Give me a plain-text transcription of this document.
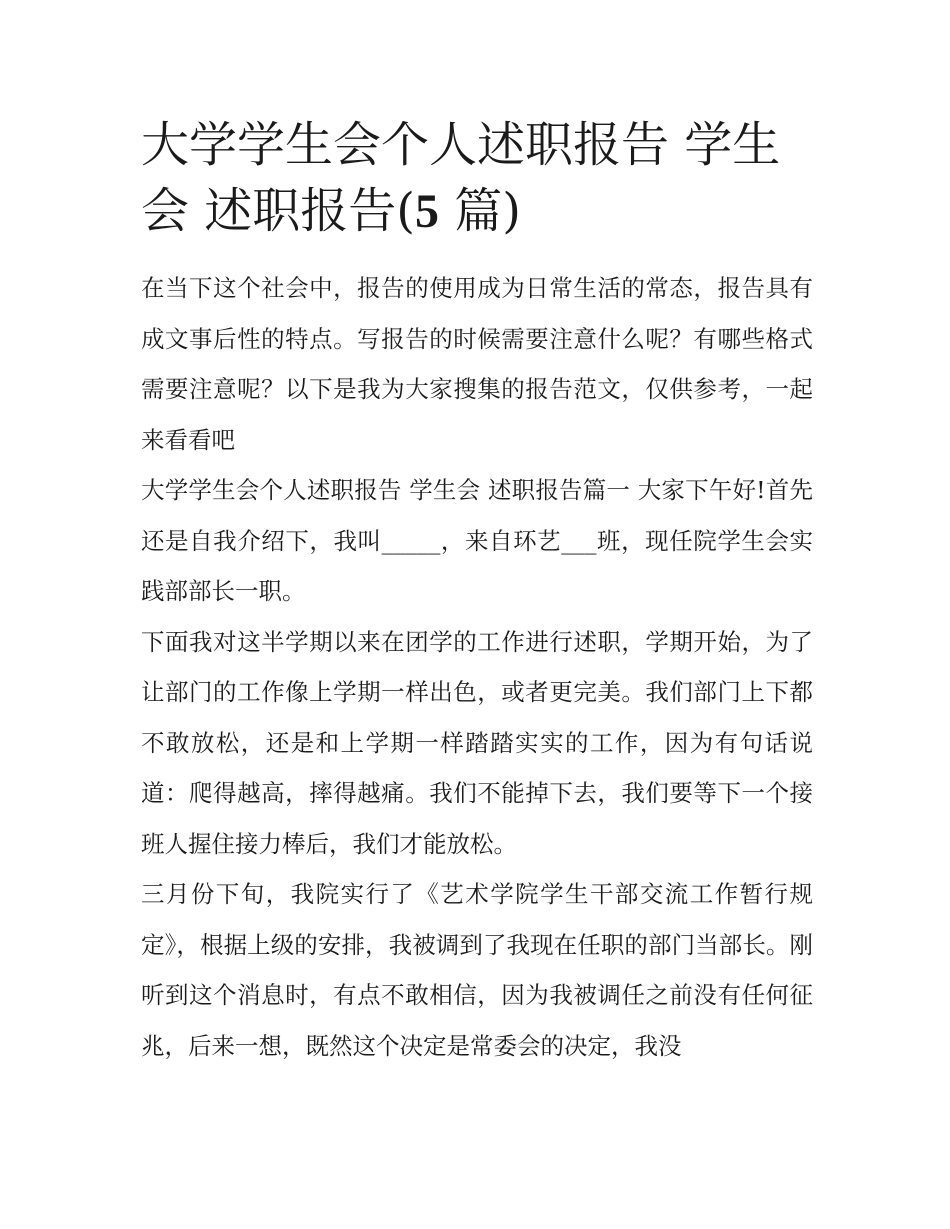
大学学生会个人述职报告 学生会 述职报告(5 篇)

在当下这个社会中，报告的使用成为日常生活的常态，报告具有成文事后性的特点。写报告的时候需要注意什么呢？有哪些格式需要注意呢？以下是我为大家搜集的报告范文，仅供参考，一起来看看吧

大学学生会个人述职报告 学生会 述职报告篇一 大家下午好!首先还是自我介绍下，我叫_____，来自环艺___班，现任院学生会实践部部长一职。

下面我对这半学期以来在团学的工作进行述职，学期开始，为了让部门的工作像上学期一样出色，或者更完美。我们部门上下都不敢放松，还是和上学期一样踏踏实实的工作，因为有句话说道：爬得越高，摔得越痛。我们不能掉下去，我们要等下一个接班人握住接力棒后，我们才能放松。

三月份下旬，我院实行了《艺术学院学生干部交流工作暂行规定》，根据上级的安排，我被调到了我现在任职的部门当部长。刚听到这个消息时，有点不敢相信，因为我被调任之前没有任何征兆，后来一想，既然这个决定是常委会的决定，我没
